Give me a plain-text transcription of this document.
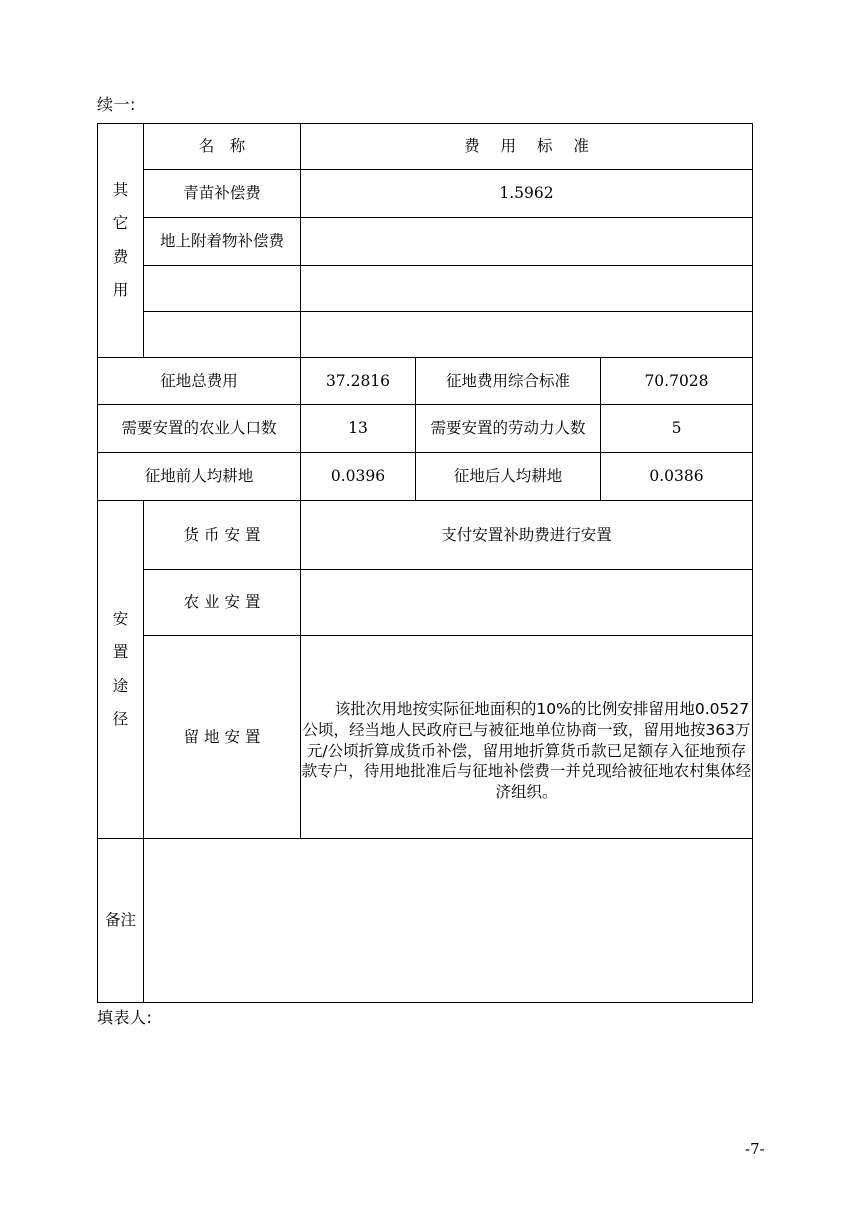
续一:
其
它
费
用	名　称	费 用 标 准		
	青苗补偿费	1.5962		
	地上附着物补偿费			

征地总费用		37.2816	征地费用综合标准	70.7028
需要安置的农业人口数		13	需要安置的劳动力人数	5
征地前人均耕地		0.0396	征地后人均耕地	0.0386

安
置
途
径	货 币 安 置	支付安置补助费进行安置		
	农 业 安 置			
	留 地 安 置	该批次用地按实际征地面积的10%的比例安排留用地0.0527公顷，经当地人民政府已与被征地单位协商一致，留用地按363万元/公顷折算成货币补偿，留用地折算货币款已足额存入征地预存款专户，待用地批准后与征地补偿费一并兑现给被征地农村集体经济组织。		

备注				
填表人:
-7-
